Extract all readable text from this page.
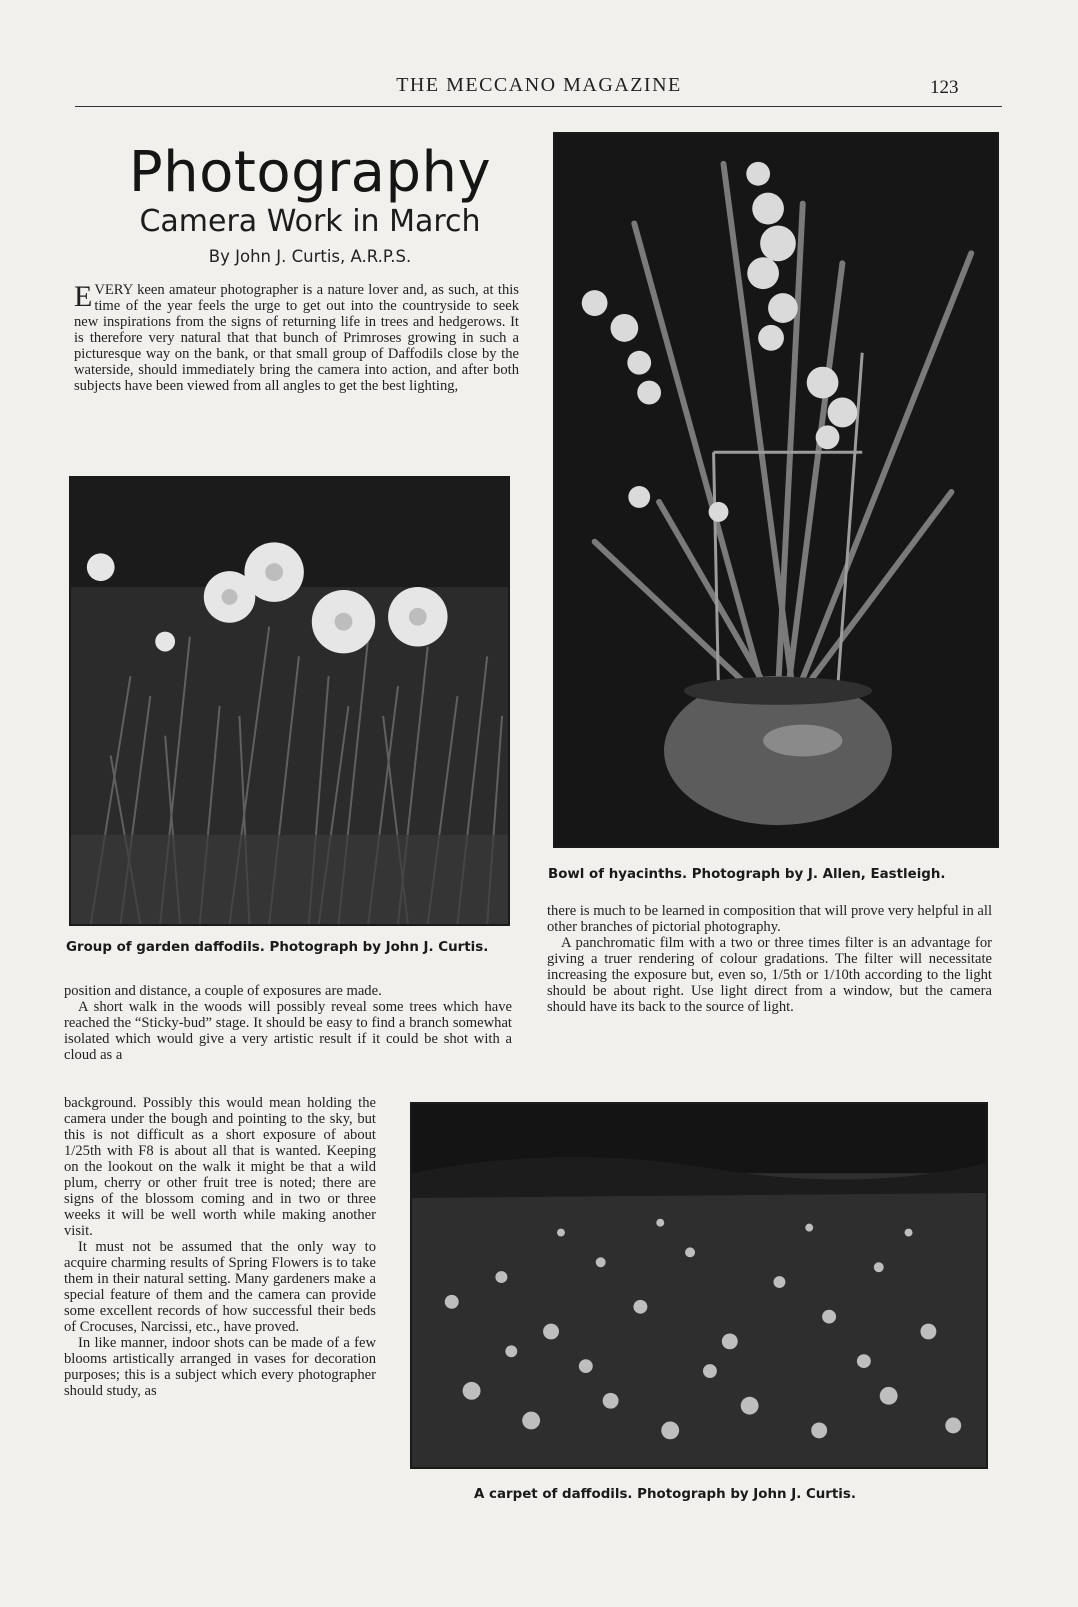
THE MECCANO MAGAZINE	123
Photography
Camera Work in March
By John J. Curtis, A.R.P.S.

EVERY keen amateur photographer is a nature lover and, as such, at this time of the year feels the urge to get out into the countryside to seek new inspirations from the signs of returning life in trees and hedgerows. It is therefore very natural that that bunch of Primroses growing in such a picturesque way on the bank, or that small group of Daffodils close by the waterside, should immediately bring the camera into action, and after both subjects have been viewed from all angles to get the best lighting,

Group of garden daffodils. Photograph by John J. Curtis.
Bowl of hyacinths. Photograph by J. Allen, Eastleigh.

there is much to be learned in composition that will prove very helpful in all other branches of pictorial photography.

A panchromatic film with a two or three times filter is an advantage for giving a truer rendering of colour gradations. The filter will necessitate increasing the exposure but, even so, 1/5th or 1/10th according to the light should be about right. Use light direct from a window, but the camera should have its back to the source of light.

position and distance, a couple of exposures are made.

A short walk in the woods will possibly reveal some trees which have reached the “Sticky-bud” stage. It should be easy to find a branch somewhat isolated which would give a very artistic result if it could be shot with a cloud as a

background. Possibly this would mean holding the camera under the bough and pointing to the sky, but this is not difficult as a short exposure of about 1/25th with F8 is about all that is wanted. Keeping on the lookout on the walk it might be that a wild plum, cherry or other fruit tree is noted; there are signs of the blossom coming and in two or three weeks it will be well worth while making another visit.

It must not be assumed that the only way to acquire charming results of Spring Flowers is to take them in their natural setting. Many gardeners make a special feature of them and the camera can provide some excellent records of how successful their beds of Crocuses, Narcissi, etc., have proved.

In like manner, indoor shots can be made of a few blooms artistically arranged in vases for decoration purposes; this is a subject which every photographer should study, as

A carpet of daffodils. Photograph by John J. Curtis.
